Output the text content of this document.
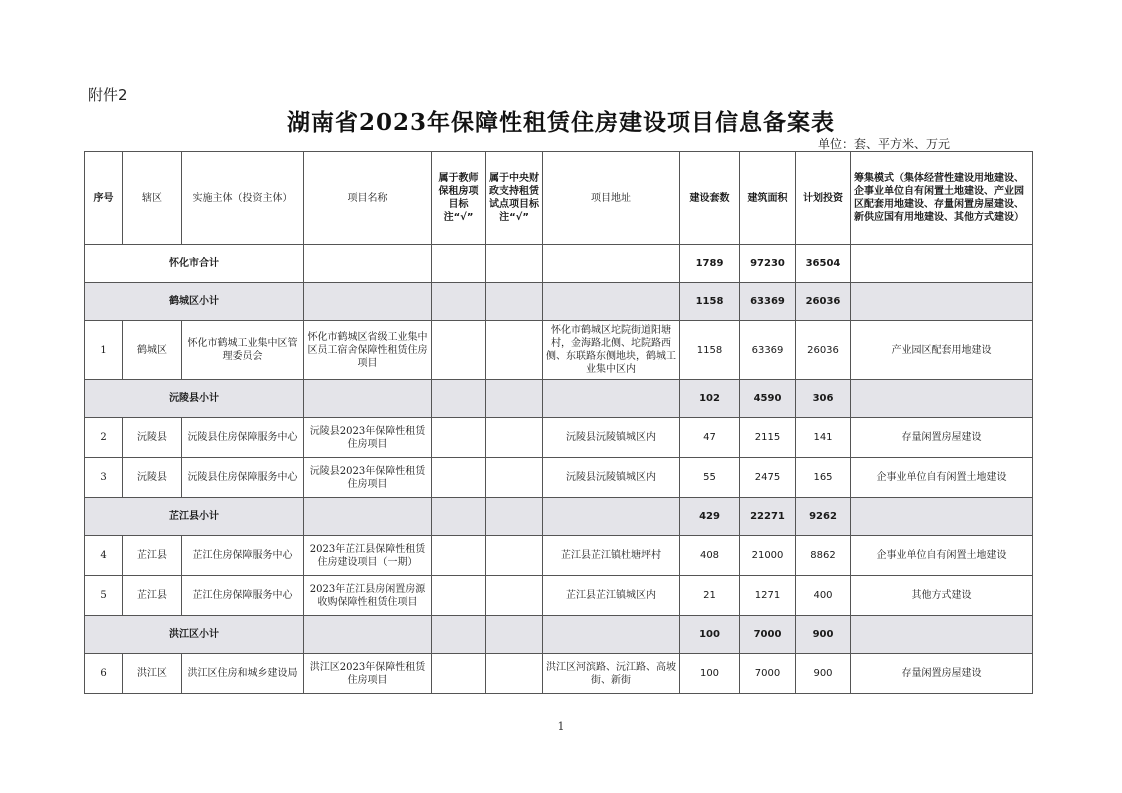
附件2
湖南省2023年保障性租赁住房建设项目信息备案表
单位：套、平方米、万元
序号	辖区	实施主体（投资主体）	项目名称	属于教师保租房项目标注“√”	属于中央财政支持租赁试点项目标注“√”	项目地址	建设套数	建筑面积	计划投资	筹集模式（集体经营性建设用地建设、企事业单位自有闲置土地建设、产业园区配套用地建设、存量闲置房屋建设、新供应国有用地建设、其他方式建设）
怀化市合计							1789	97230	36504	
鹤城区小计							1158	63369	26036	
1	鹤城区	怀化市鹤城工业集中区管理委员会	怀化市鹤城区省级工业集中区员工宿舍保障性租赁住房项目			怀化市鹤城区坨院街道阳塘村，金海路北侧、坨院路西侧、东联路东侧地块，鹤城工业集中区内	1158	63369	26036	产业园区配套用地建设
沅陵县小计							102	4590	306	
2	沅陵县	沅陵县住房保障服务中心	沅陵县2023年保障性租赁住房项目			沅陵县沅陵镇城区内	47	2115	141	存量闲置房屋建设
3	沅陵县	沅陵县住房保障服务中心	沅陵县2023年保障性租赁住房项目			沅陵县沅陵镇城区内	55	2475	165	企事业单位自有闲置土地建设
芷江县小计							429	22271	9262	
4	芷江县	芷江住房保障服务中心	2023年芷江县保障性租赁住房建设项目（一期）			芷江县芷江镇杜塘坪村	408	21000	8862	企事业单位自有闲置土地建设
5	芷江县	芷江住房保障服务中心	2023年芷江县房闲置房源收购保障性租赁住项目			芷江县芷江镇城区内	21	1271	400	其他方式建设
洪江区小计							100	7000	900	
6	洪江区	洪江区住房和城乡建设局	洪江区2023年保障性租赁住房项目			洪江区河滨路、沅江路、高坡街、新街	100	7000	900	存量闲置房屋建设
1
